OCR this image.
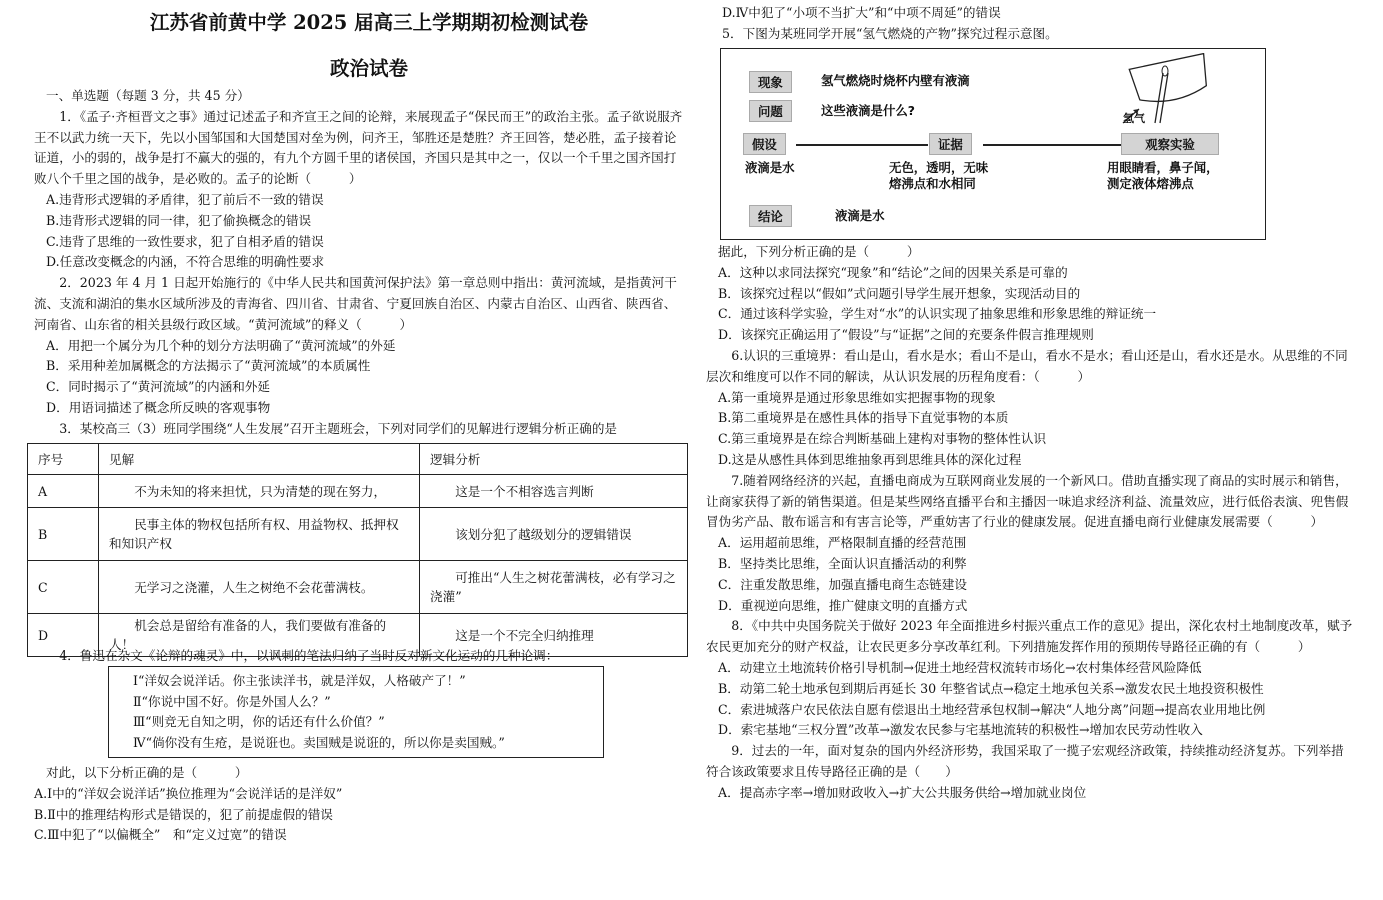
江苏省前黄中学 2025 届高三上学期期初检测试卷
政治试卷

一、单选题（每题 3 分，共 45 分）

1．《孟子·齐桓晋文之事》通过记述孟子和齐宣王之间的论辩，来展现孟子“保民而王”的政治主张。孟子欲说服齐王不以武力统一天下，先以小国邹国和大国楚国对垒为例，问齐王，邹胜还是楚胜？齐王回答，楚必胜，孟子接着论证道，小的弱的，战争是打不赢大的强的，有九个方圆千里的诸侯国，齐国只是其中之一，仅以一个千里之国齐国打败八个千里之国的战争，是必败的。孟子的论断（　　　）

A.违背形式逻辑的矛盾律，犯了前后不一致的错误

B.违背形式逻辑的同一律，犯了偷换概念的错误

C.违背了思维的一致性要求，犯了自相矛盾的错误

D.任意改变概念的内涵，不符合思维的明确性要求

2．2023 年 4 月 1 日起开始施行的《中华人民共和国黄河保护法》第一章总则中指出：黄河流域，是指黄河干流、支流和湖泊的集水区域所涉及的青海省、四川省、甘肃省、宁夏回族自治区、内蒙古自治区、山西省、陕西省、河南省、山东省的相关县级行政区域。“黄河流域”的释义（　　　）

A．用把一个属分为几个种的划分方法明确了“黄河流域”的外延

B．采用种差加属概念的方法揭示了“黄河流域”的本质属性

C．同时揭示了“黄河流域”的内涵和外延

D．用语词描述了概念所反映的客观事物

3．某校高三（3）班同学围绕“人生发展”召开主题班会，下列对同学们的见解进行逻辑分析正确的是

序号	见解	逻辑分析
A	不为未知的将来担忧，只为清楚的现在努力，	这是一个不相容选言判断
B	民事主体的物权包括所有权、用益物权、抵押权和知识产权	该划分犯了越级划分的逻辑错误
C	无学习之浇灌，人生之树绝不会花蕾满枝。	可推出“人生之树花蕾满枝，必有学习之浇灌”
D	机会总是留给有准备的人，我们要做有准备的人！	这是一个不完全归纳推理

4．鲁迅在杂文《论辩的魂灵》中，以讽刺的笔法归纳了当时反对新文化运动的几种论调：

Ⅰ“洋奴会说洋话。你主张读洋书，就是洋奴，人格破产了！”

Ⅱ“你说中国不好。你是外国人么？”

Ⅲ“则竞无自知之明，你的话还有什么价值？”

Ⅳ“倘你没有生疮，是说诳也。卖国贼是说诳的，所以你是卖国贼。”

对此，以下分析正确的是（　　　）

A.Ⅰ中的“洋奴会说洋话”换位推理为“会说洋话的是洋奴”

B.Ⅱ中的推理结构形式是错误的，犯了前提虚假的错误

C.Ⅲ中犯了“以偏概全”　和“定义过宽”的错误

D.Ⅳ中犯了“小项不当扩大”和“中项不周延”的错误

5．下图为某班同学开展“氢气燃烧的产物”探究过程示意图。

现象	氢气燃烧时烧杯内壁有液滴
问题	这些液滴是什么?
假设	证据	观察实验
液滴是水	无色，透明，无味
熔沸点和水相同
用眼睛看，鼻子闻，
测定液体熔沸点
结论	液滴是水
氢气

据此，下列分析正确的是（　　　）

A．这种以求同法探究“现象”和“结论”之间的因果关系是可靠的

B．该探究过程以“假如”式问题引导学生展开想象，实现活动目的

C．通过该科学实验，学生对“水”的认识实现了抽象思维和形象思维的辩证统一

D．该探究正确运用了“假设”与“证据”之间的充要条件假言推理规则

6.认识的三重境界：看山是山，看水是水；看山不是山，看水不是水；看山还是山，看水还是水。从思维的不同层次和维度可以作不同的解读，从认识发展的历程角度看：（　　　）

A.第一重境界是通过形象思维如实把握事物的现象

B.第二重境界是在感性具体的指导下直觉事物的本质

C.第三重境界是在综合判断基础上建构对事物的整体性认识

D.这是从感性具体到思维抽象再到思维具体的深化过程

7.随着网络经济的兴起，直播电商成为互联网商业发展的一个新风口。借助直播实现了商品的实时展示和销售，让商家获得了新的销售渠道。但是某些网络直播平台和主播因一味追求经济利益、流量效应，进行低俗表演、兜售假冒伪劣产品、散布谣言和有害言论等，严重妨害了行业的健康发展。促进直播电商行业健康发展需要（　　　）

A．运用超前思维，严格限制直播的经营范围

B．坚持类比思维，全面认识直播活动的利弊

C．注重发散思维，加强直播电商生态链建设

D．重视逆向思维，推广健康文明的直播方式

8．《中共中央国务院关于做好 2023 年全面推进乡村振兴重点工作的意见》提出，深化农村土地制度改革，赋予农民更加充分的财产权益，让农民更多分享改革红利。下列措施发挥作用的预期传导路径正确的有（　　　）

A．动建立土地流转价格引导机制→促进土地经营权流转市场化→农村集体经营风险降低

B．动第二轮土地承包到期后再延长 30 年整省试点→稳定土地承包关系→激发农民土地投资积极性

C．索进城落户农民依法自愿有偿退出土地经营承包权制→解决“人地分离”问题→提高农业用地比例

D．索宅基地“三权分置”改革→激发农民参与宅基地流转的积极性→增加农民劳动性收入

9．过去的一年，面对复杂的国内外经济形势，我国采取了一揽子宏观经济政策，持续推动经济复苏。下列举措符合该政策要求且传导路径正确的是（　　）

A．提高赤字率→增加财政收入→扩大公共服务供给→增加就业岗位
